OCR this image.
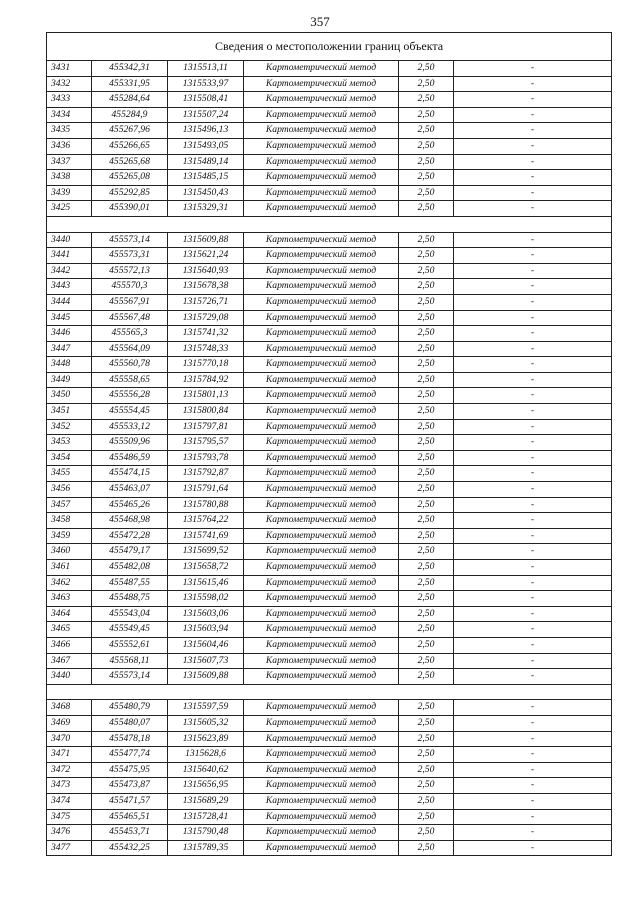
357
Сведения о местоположении границ объекта					
3431	455342,31	1315513,11	Картометрический метод	2,50	-
3432	455331,95	1315533,97	Картометрический метод	2,50	-
3433	455284,64	1315508,41	Картометрический метод	2,50	-
3434	455284,9	1315507,24	Картометрический метод	2,50	-
3435	455267,96	1315496,13	Картометрический метод	2,50	-
3436	455266,65	1315493,05	Картометрический метод	2,50	-
3437	455265,68	1315489,14	Картометрический метод	2,50	-
3438	455265,08	1315485,15	Картометрический метод	2,50	-
3439	455292,85	1315450,43	Картометрический метод	2,50	-
3425	455390,01	1315329,31	Картометрический метод	2,50	-

3440	455573,14	1315609,88	Картометрический метод	2,50	-
3441	455573,31	1315621,24	Картометрический метод	2,50	-
3442	455572,13	1315640,93	Картометрический метод	2,50	-
3443	455570,3	1315678,38	Картометрический метод	2,50	-
3444	455567,91	1315726,71	Картометрический метод	2,50	-
3445	455567,48	1315729,08	Картометрический метод	2,50	-
3446	455565,3	1315741,32	Картометрический метод	2,50	-
3447	455564,09	1315748,33	Картометрический метод	2,50	-
3448	455560,78	1315770,18	Картометрический метод	2,50	-
3449	455558,65	1315784,92	Картометрический метод	2,50	-
3450	455556,28	1315801,13	Картометрический метод	2,50	-
3451	455554,45	1315800,84	Картометрический метод	2,50	-
3452	455533,12	1315797,81	Картометрический метод	2,50	-
3453	455509,96	1315795,57	Картометрический метод	2,50	-
3454	455486,59	1315793,78	Картометрический метод	2,50	-
3455	455474,15	1315792,87	Картометрический метод	2,50	-
3456	455463,07	1315791,64	Картометрический метод	2,50	-
3457	455465,26	1315780,88	Картометрический метод	2,50	-
3458	455468,98	1315764,22	Картометрический метод	2,50	-
3459	455472,28	1315741,69	Картометрический метод	2,50	-
3460	455479,17	1315699,52	Картометрический метод	2,50	-
3461	455482,08	1315658,72	Картометрический метод	2,50	-
3462	455487,55	1315615,46	Картометрический метод	2,50	-
3463	455488,75	1315598,02	Картометрический метод	2,50	-
3464	455543,04	1315603,06	Картометрический метод	2,50	-
3465	455549,45	1315603,94	Картометрический метод	2,50	-
3466	455552,61	1315604,46	Картометрический метод	2,50	-
3467	455568,11	1315607,73	Картометрический метод	2,50	-
3440	455573,14	1315609,88	Картометрический метод	2,50	-

3468	455480,79	1315597,59	Картометрический метод	2,50	-
3469	455480,07	1315605,32	Картометрический метод	2,50	-
3470	455478,18	1315623,89	Картометрический метод	2,50	-
3471	455477,74	1315628,6	Картометрический метод	2,50	-
3472	455475,95	1315640,62	Картометрический метод	2,50	-
3473	455473,87	1315656,95	Картометрический метод	2,50	-
3474	455471,57	1315689,29	Картометрический метод	2,50	-
3475	455465,51	1315728,41	Картометрический метод	2,50	-
3476	455453,71	1315790,48	Картометрический метод	2,50	-
3477	455432,25	1315789,35	Картометрический метод	2,50	-
